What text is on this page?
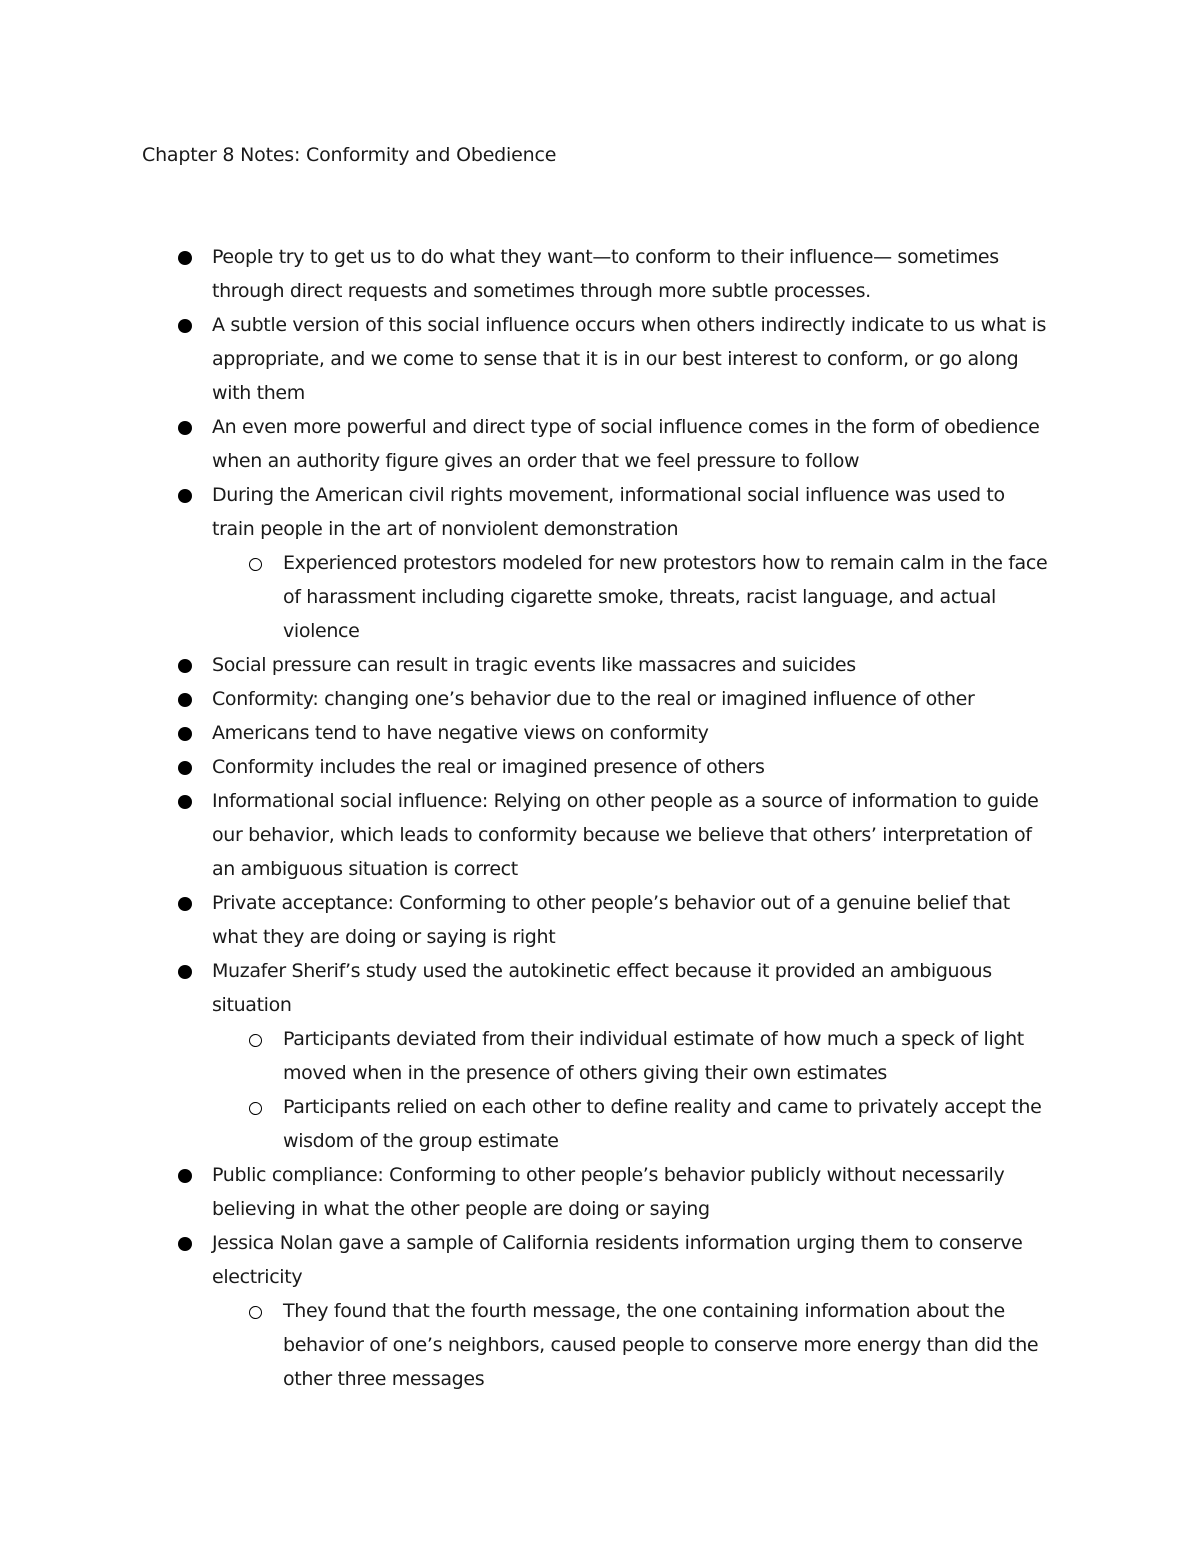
Chapter 8 Notes: Conformity and Obedience
People try to get us to do what they want—to conform to their influence— sometimes through direct requests and sometimes through more subtle processes.
A subtle version of this social influence occurs when others indirectly indicate to us what is appropriate, and we come to sense that it is in our best interest to conform, or go along with them
An even more powerful and direct type of social influence comes in the form of obedience when an authority figure gives an order that we feel pressure to follow
During the American civil rights movement, informational social influence was used to train people in the art of nonviolent demonstration
Experienced protestors modeled for new protestors how to remain calm in the face of harassment including cigarette smoke, threats, racist language, and actual violence
Social pressure can result in tragic events like massacres and suicides
Conformity: changing one’s behavior due to the real or imagined influence of other
Americans tend to have negative views on conformity
Conformity includes the real or imagined presence of others
Informational social influence: Relying on other people as a source of information to guide our behavior, which leads to conformity because we believe that others’ interpretation of an ambiguous situation is correct
Private acceptance: Conforming to other people’s behavior out of a genuine belief that what they are doing or saying is right
Muzafer Sherif’s study used the autokinetic effect because it provided an ambiguous situation
Participants deviated from their individual estimate of how much a speck of light moved when in the presence of others giving their own estimates
Participants relied on each other to define reality and came to privately accept the wisdom of the group estimate
Public compliance: Conforming to other people’s behavior publicly without necessarily believing in what the other people are doing or saying
Jessica Nolan gave a sample of California residents information urging them to conserve electricity
They found that the fourth message, the one containing information about the behavior of one’s neighbors, caused people to conserve more energy than did the other three messages
